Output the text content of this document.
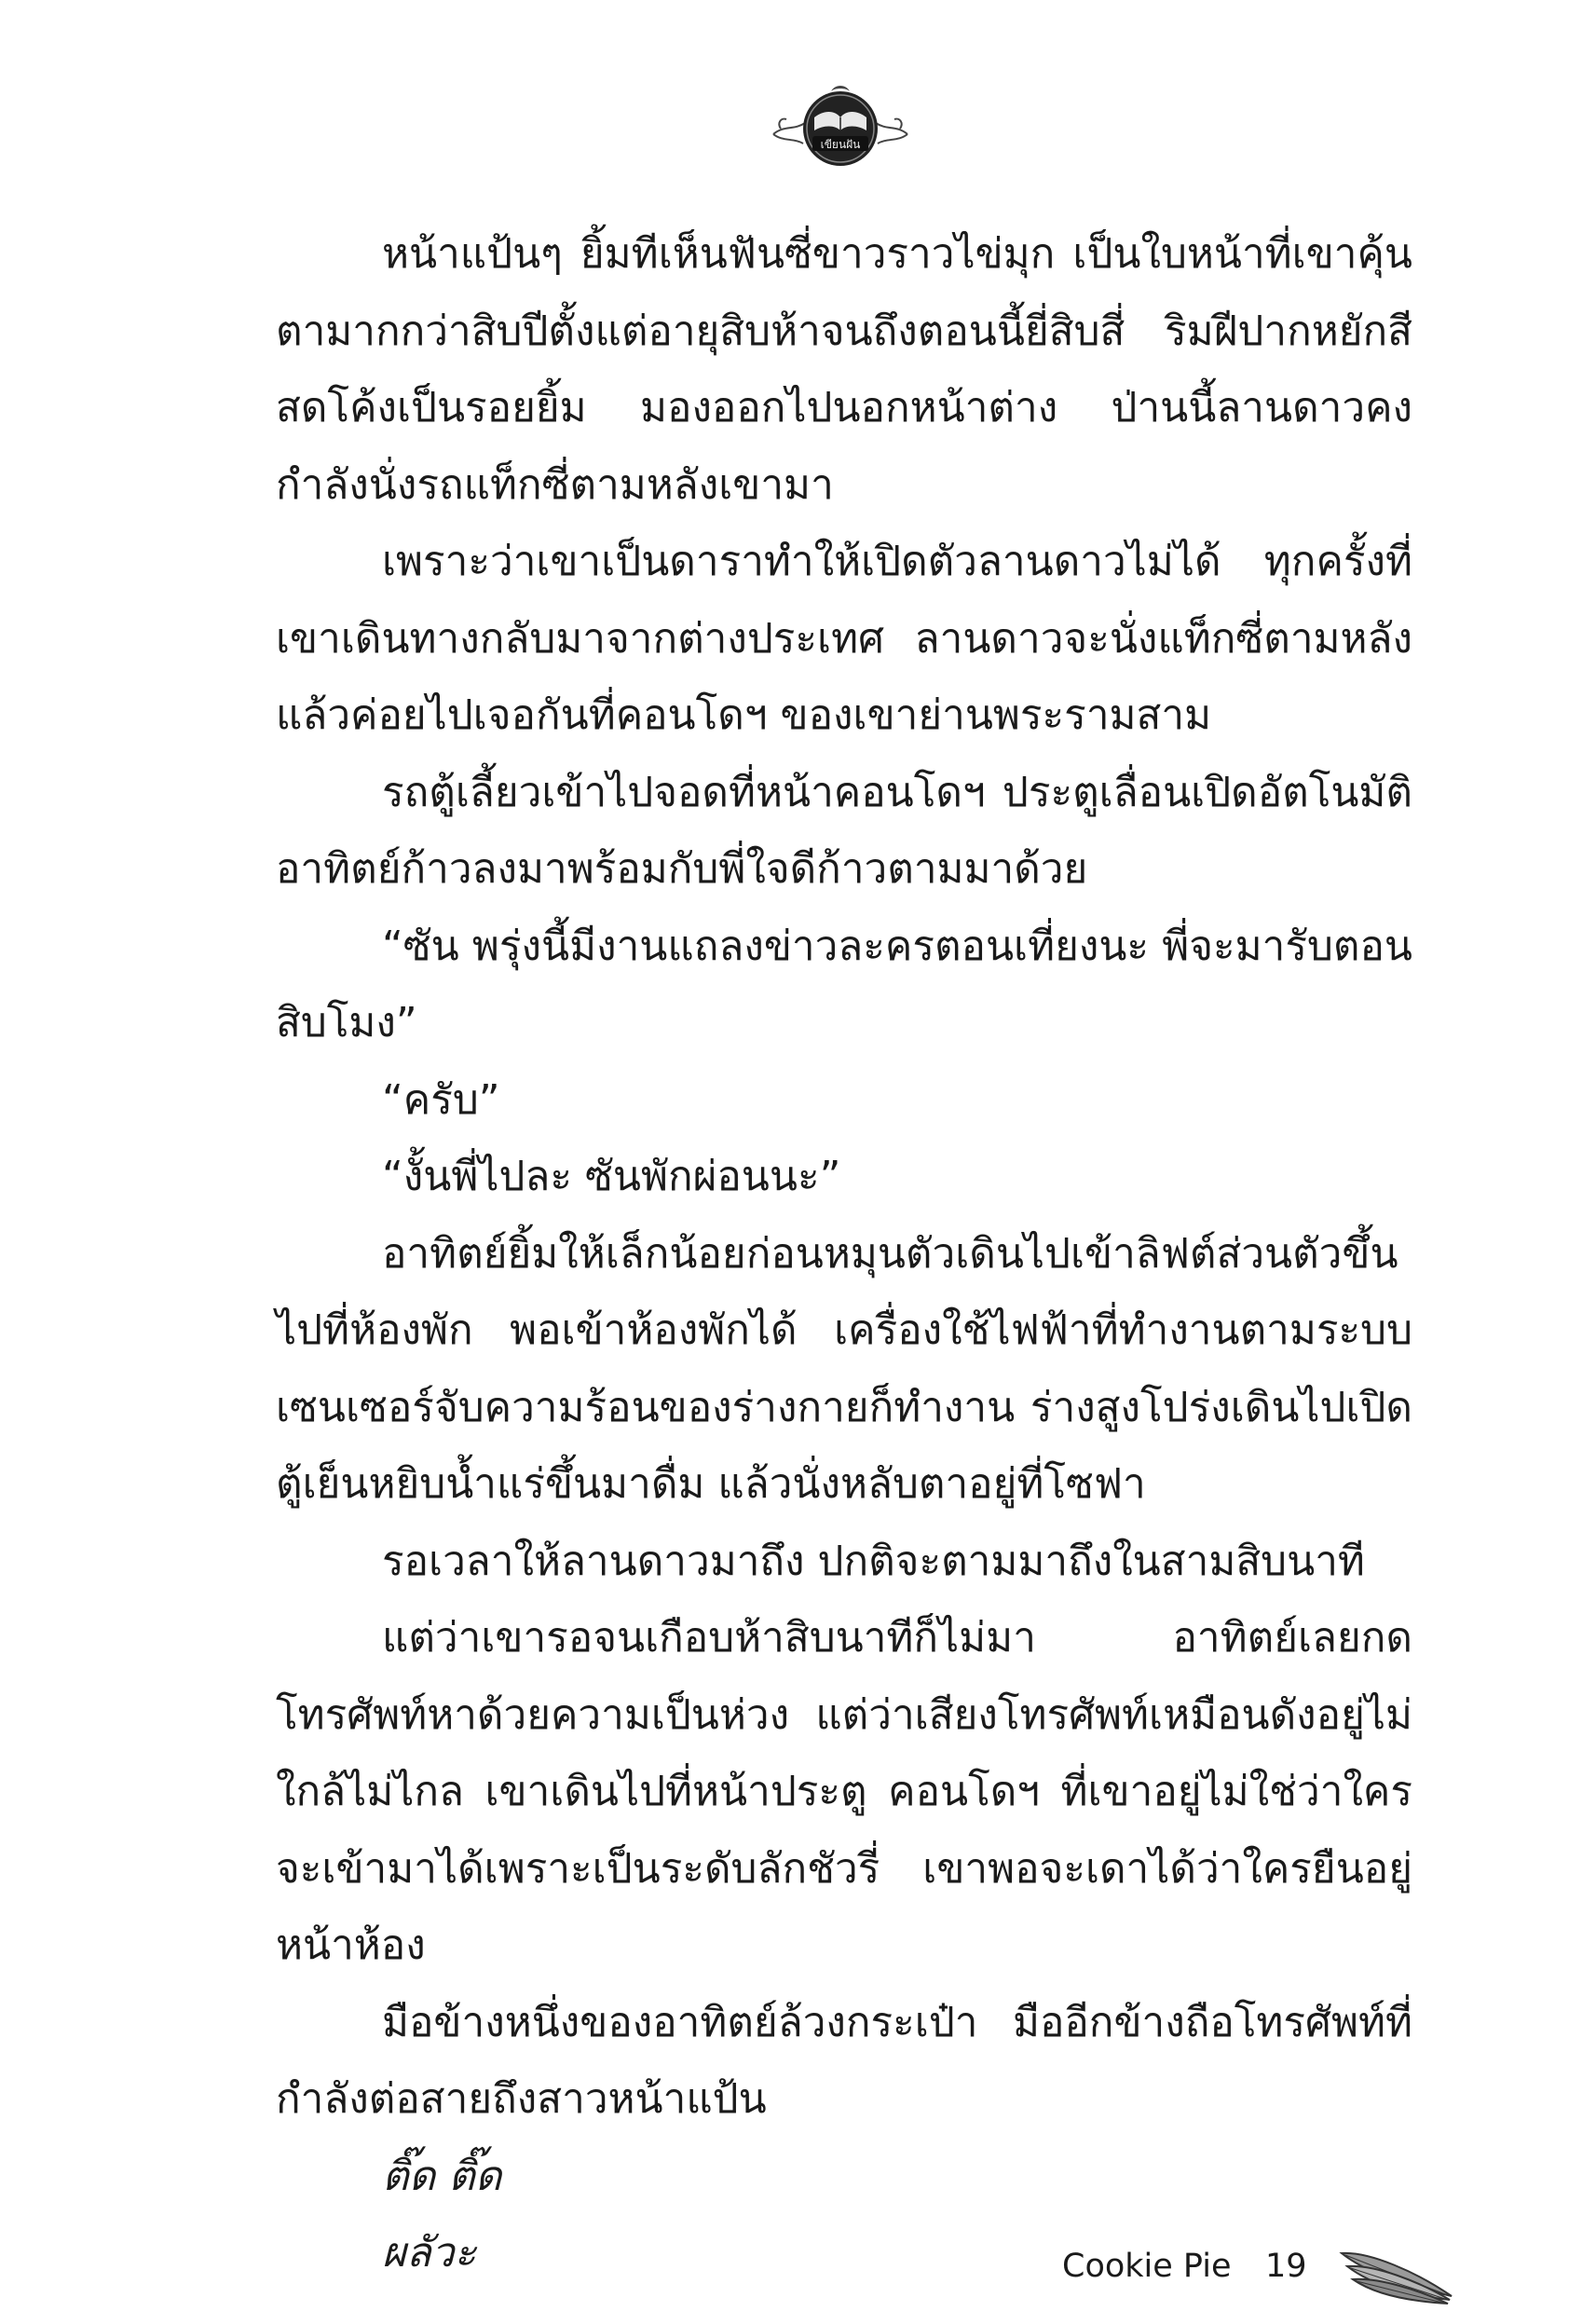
เขียนฝัน

หน้าแป้นๆ ยิ้มทีเห็นฟันซี่ขาวราวไข่มุก เป็นใบหน้าที่เขาคุ้นตามากกว่าสิบปีตั้งแต่อายุสิบห้าจนถึงตอนนี้ยี่สิบสี่ ริมฝีปากหยักสีสดโค้งเป็นรอยยิ้ม มองออกไปนอกหน้าต่าง ป่านนี้ลานดาวคงกำลังนั่งรถแท็กซี่ตามหลังเขามา

เพราะว่าเขาเป็นดาราทำให้เปิดตัวลานดาวไม่ได้ ทุกครั้งที่เขาเดินทางกลับมาจากต่างประเทศ ลานดาวจะนั่งแท็กซี่ตามหลัง แล้วค่อยไปเจอกันที่คอนโดฯ ของเขาย่านพระรามสาม

รถตู้เลี้ยวเข้าไปจอดที่หน้าคอนโดฯ ประตูเลื่อนเปิดอัตโนมัติอาทิตย์ก้าวลงมาพร้อมกับพี่ใจดีก้าวตามมาด้วย

“ซัน พรุ่งนี้มีงานแถลงข่าวละครตอนเที่ยงนะ พี่จะมารับตอนสิบโมง”

“ครับ”

“งั้นพี่ไปละ ซันพักผ่อนนะ”

อาทิตย์ยิ้มให้เล็กน้อยก่อนหมุนตัวเดินไปเข้าลิฟต์ส่วนตัวขึ้นไปที่ห้องพัก พอเข้าห้องพักได้ เครื่องใช้ไฟฟ้าที่ทำงานตามระบบเซนเซอร์จับความร้อนของร่างกายก็ทำงาน ร่างสูงโปร่งเดินไปเปิดตู้เย็นหยิบน้ำแร่ขึ้นมาดื่ม แล้วนั่งหลับตาอยู่ที่โซฟา

รอเวลาให้ลานดาวมาถึง ปกติจะตามมาถึงในสามสิบนาที

แต่ว่าเขารอจนเกือบห้าสิบนาทีก็ไม่มา อาทิตย์เลยกดโทรศัพท์หาด้วยความเป็นห่วง แต่ว่าเสียงโทรศัพท์เหมือนดังอยู่ไม่ใกล้ไม่ไกล เขาเดินไปที่หน้าประตู คอนโดฯ ที่เขาอยู่ไม่ใช่ว่าใครจะเข้ามาได้เพราะเป็นระดับลักชัวรี่ เขาพอจะเดาได้ว่าใครยืนอยู่หน้าห้อง

มือข้างหนึ่งของอาทิตย์ล้วงกระเป๋า มืออีกข้างถือโทรศัพท์ที่กำลังต่อสายถึงสาวหน้าแป้น

ติ๊ด ติ๊ด

ผลัวะ	Cookie Pie 19
